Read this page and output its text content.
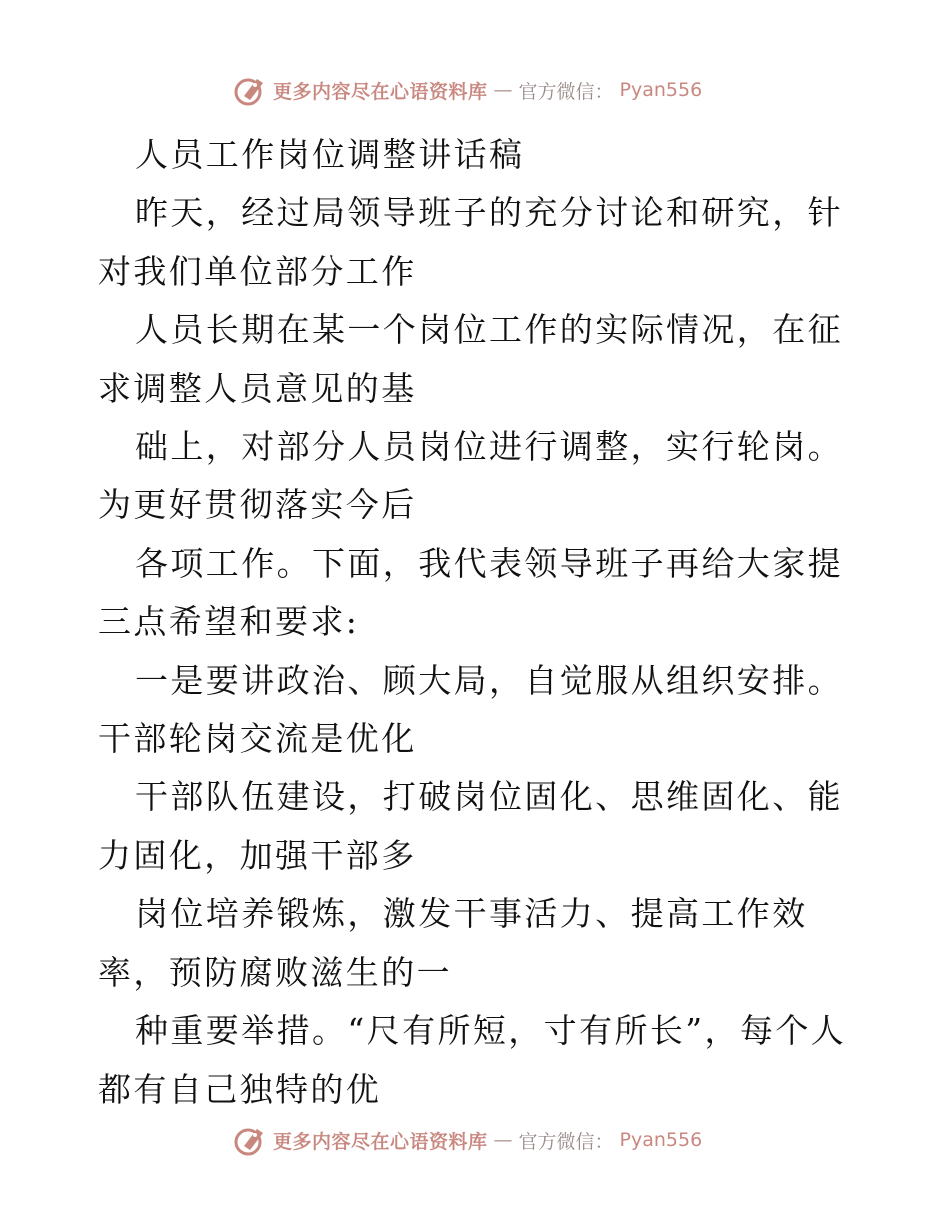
更多内容尽在心语资料库 — 官方微信： Pyan556

人员工作岗位调整讲话稿

昨天，经过局领导班子的充分讨论和研究，针对我们单位部分工作

人员长期在某一个岗位工作的实际情况，在征求调整人员意见的基

础上，对部分人员岗位进行调整，实行轮岗。为更好贯彻落实今后

各项工作。下面，我代表领导班子再给大家提三点希望和要求:

一是要讲政治、顾大局，自觉服从组织安排。干部轮岗交流是优化

干部队伍建设，打破岗位固化、思维固化、能力固化，加强干部多

岗位培养锻炼，激发干事活力、提高工作效率，预防腐败滋生的一

种重要举措。“尺有所短，寸有所长”，每个人都有自己独特的优

更多内容尽在心语资料库 — 官方微信： Pyan556
